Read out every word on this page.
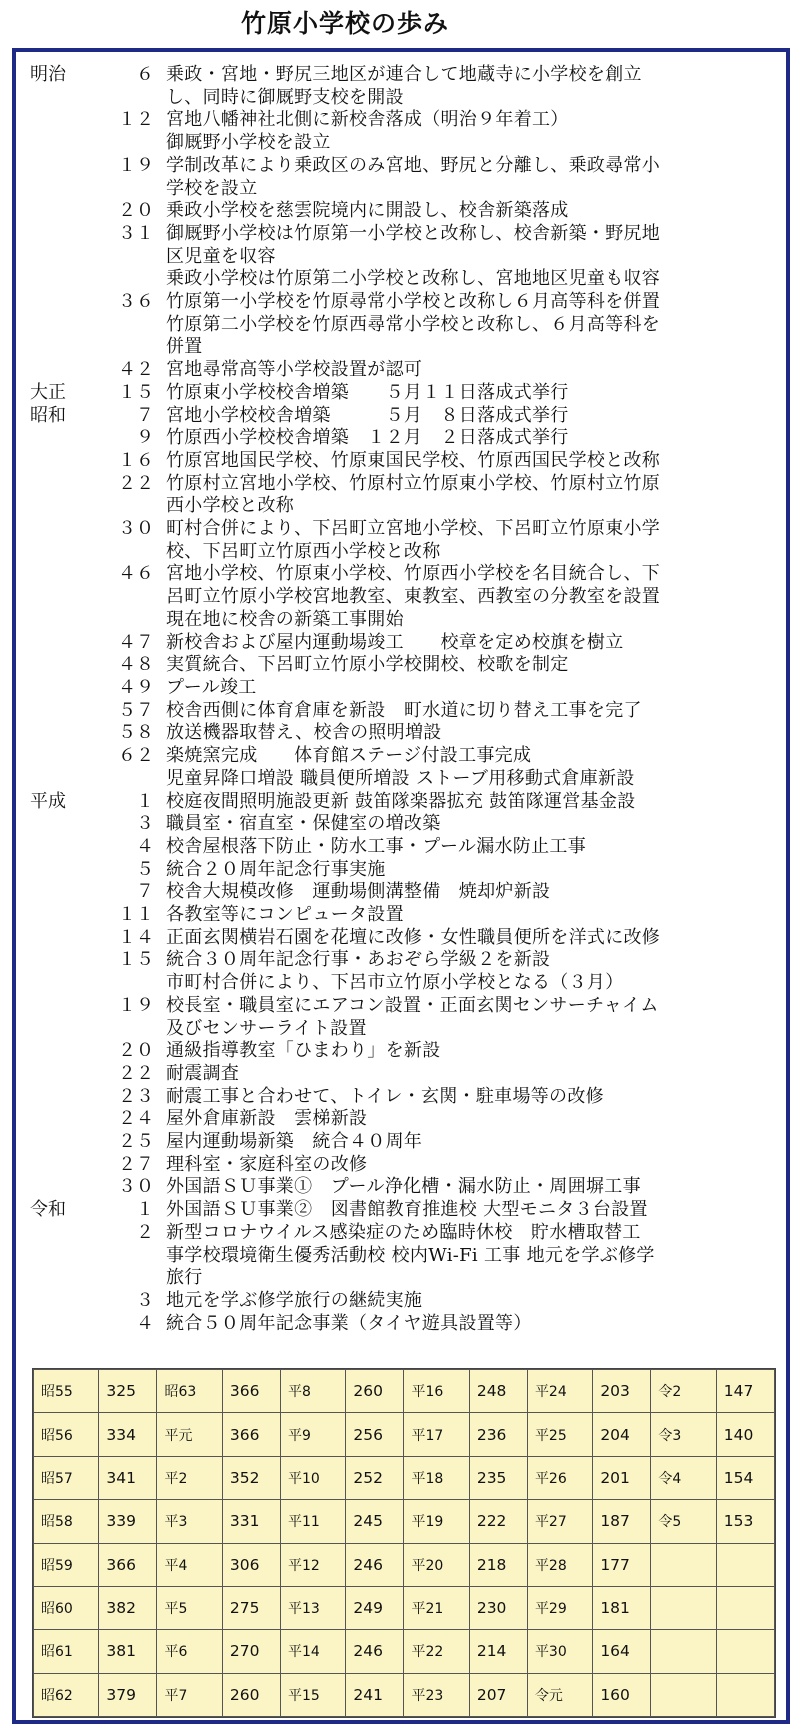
竹原小学校の歩み
明治	６ 乗政・宮地・野尻三地区が連合して地蔵寺に小学校を創立
し、同時に御厩野支校を開設
１２ 宮地八幡神社北側に新校舎落成（明治９年着工）
御厩野小学校を設立
１９ 学制改革により乗政区のみ宮地、野尻と分離し、乗政尋常小
学校を設立
２０ 乗政小学校を慈雲院境内に開設し、校舎新築落成
３１ 御厩野小学校は竹原第一小学校と改称し、校舎新築・野尻地
区児童を収容
乗政小学校は竹原第二小学校と改称し、宮地地区児童も収容
３６ 竹原第一小学校を竹原尋常小学校と改称し６月高等科を併置
竹原第二小学校を竹原西尋常小学校と改称し、６月高等科を
併置
４２ 宮地尋常高等小学校設置が認可
大正	１５ 竹原東小学校校舎増築　　５月１１日落成式挙行
昭和	７ 宮地小学校校舎増築　　　５月　８日落成式挙行
９ 竹原西小学校校舎増築　１２月　２日落成式挙行
１６ 竹原宮地国民学校、竹原東国民学校、竹原西国民学校と改称
２２ 竹原村立宮地小学校、竹原村立竹原東小学校、竹原村立竹原
西小学校と改称
３０ 町村合併により、下呂町立宮地小学校、下呂町立竹原東小学
校、下呂町立竹原西小学校と改称
４６ 宮地小学校、竹原東小学校、竹原西小学校を名目統合し、下
呂町立竹原小学校宮地教室、東教室、西教室の分教室を設置
現在地に校舎の新築工事開始
４７ 新校舎および屋内運動場竣工　　校章を定め校旗を樹立
４８ 実質統合、下呂町立竹原小学校開校、校歌を制定
４９ プール竣工
５７ 校舎西側に体育倉庫を新設　町水道に切り替え工事を完了
５８ 放送機器取替え、校舎の照明増設
６２ 楽焼窯完成　　体育館ステージ付設工事完成
児童昇降口増設 職員便所増設 ストーブ用移動式倉庫新設
平成	１ 校庭夜間照明施設更新 鼓笛隊楽器拡充 鼓笛隊運営基金設
３ 職員室・宿直室・保健室の増改築
４ 校舎屋根落下防止・防水工事・プール漏水防止工事
５ 統合２０周年記念行事実施
７ 校舎大規模改修　運動場側溝整備　焼却炉新設
１１ 各教室等にコンピュータ設置
１４ 正面玄関横岩石園を花壇に改修・女性職員便所を洋式に改修
１５ 統合３０周年記念行事・あおぞら学級２を新設
市町村合併により、下呂市立竹原小学校となる（３月）
１９ 校長室・職員室にエアコン設置・正面玄関センサーチャイム
及びセンサーライト設置
２０ 通級指導教室「ひまわり」を新設
２２ 耐震調査
２３ 耐震工事と合わせて、トイレ・玄関・駐車場等の改修
２４ 屋外倉庫新設　雲梯新設
２５ 屋内運動場新築　統合４０周年
２７ 理科室・家庭科室の改修
３０ 外国語ＳＵ事業①　プール浄化槽・漏水防止・周囲塀工事
令和	１ 外国語ＳＵ事業②　図書館教育推進校 大型モニタ３台設置
２ 新型コロナウイルス感染症のため臨時休校　貯水槽取替工
事学校環境衛生優秀活動校 校内Wi-Fi 工事 地元を学ぶ修学
旅行
３ 地元を学ぶ修学旅行の継続実施
４ 統合５０周年記念事業（タイヤ遊具設置等）
昭55	325	昭63	366	平8	260	平16	248	平24	203	令2	147
昭56	334	平元	366	平9	256	平17	236	平25	204	令3	140
昭57	341	平2	352	平10	252	平18	235	平26	201	令4	154
昭58	339	平3	331	平11	245	平19	222	平27	187	令5	153
昭59	366	平4	306	平12	246	平20	218	平28	177		
昭60	382	平5	275	平13	249	平21	230	平29	181		
昭61	381	平6	270	平14	246	平22	214	平30	164		
昭62	379	平7	260	平15	241	平23	207	令元	160		
